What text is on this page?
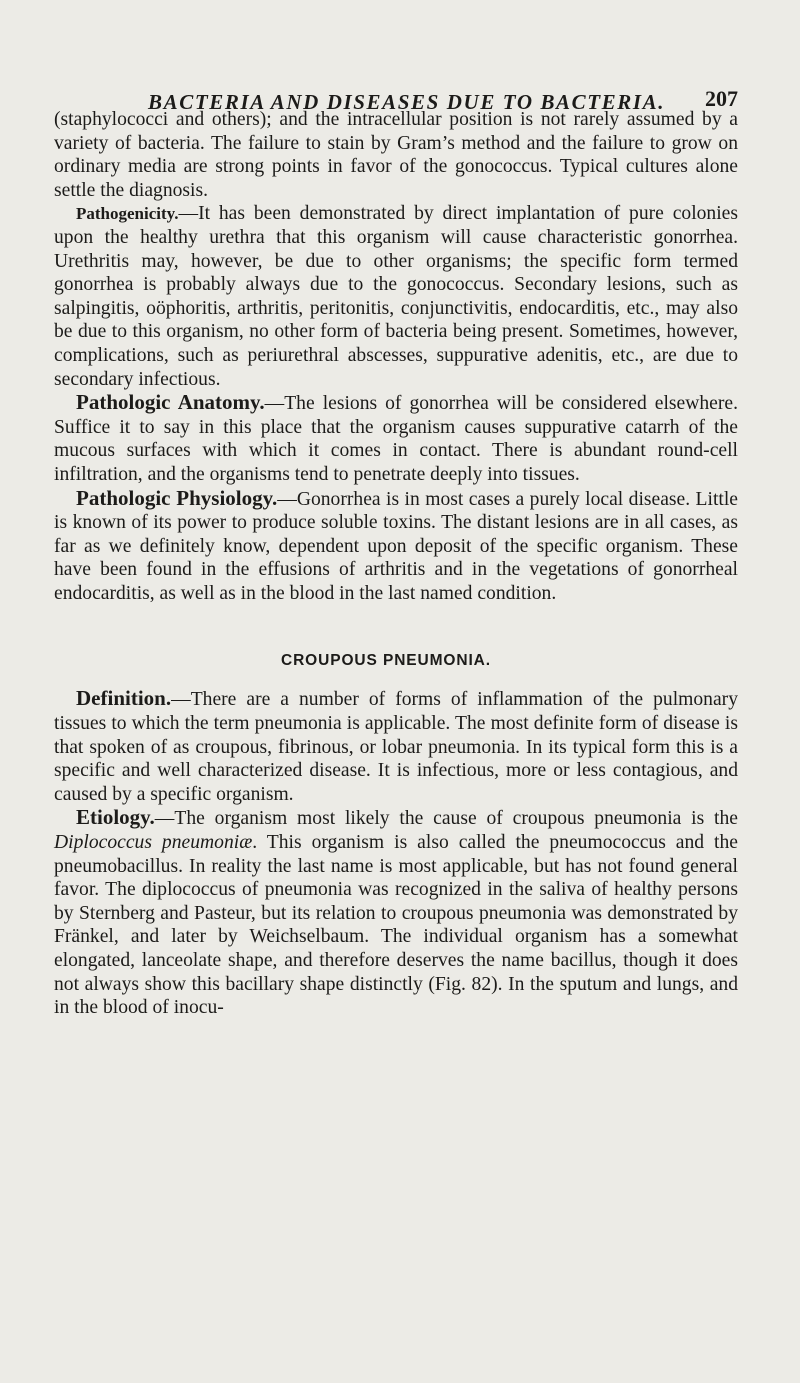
BACTERIA AND DISEASES DUE TO BACTERIA. 207

(staphylococci and others); and the intracellular position is not rarely assumed by a variety of bacteria. The failure to stain by Gram’s method and the failure to grow on ordinary media are strong points in favor of the gonococcus. Typical cultures alone settle the diagnosis.

Pathogenicity.—It has been demonstrated by direct implantation of pure colonies upon the healthy urethra that this organism will cause characteristic gonorrhea. Urethritis may, however, be due to other organisms; the specific form termed gonorrhea is probably always due to the gonococcus. Secondary lesions, such as salpingitis, oöphoritis, arthritis, peritonitis, conjunctivitis, endocarditis, etc., may also be due to this organism, no other form of bacteria being present. Sometimes, however, complications, such as periurethral abscesses, suppurative adenitis, etc., are due to secondary infectious.

Pathologic Anatomy.—The lesions of gonorrhea will be considered elsewhere. Suffice it to say in this place that the organism causes suppurative catarrh of the mucous surfaces with which it comes in contact. There is abundant round-cell infiltration, and the organisms tend to penetrate deeply into tissues.

Pathologic Physiology.—Gonorrhea is in most cases a purely local disease. Little is known of its power to produce soluble toxins. The distant lesions are in all cases, as far as we definitely know, dependent upon deposit of the specific organism. These have been found in the effusions of arthritis and in the vegetations of gonorrheal endocarditis, as well as in the blood in the last named condition.

CROUPOUS PNEUMONIA.

Definition.—There are a number of forms of inflammation of the pulmonary tissues to which the term pneumonia is applicable. The most definite form of disease is that spoken of as croupous, fibrinous, or lobar pneumonia. In its typical form this is a specific and well characterized disease. It is infectious, more or less contagious, and caused by a specific organism.

Etiology.—The organism most likely the cause of croupous pneumonia is the Diplococcus pneumoniæ. This organism is also called the pneumococcus and the pneumobacillus. In reality the last name is most applicable, but has not found general favor. The diplococcus of pneumonia was recognized in the saliva of healthy persons by Sternberg and Pasteur, but its relation to croupous pneumonia was demonstrated by Fränkel, and later by Weichselbaum. The individual organism has a somewhat elongated, lanceolate shape, and therefore deserves the name bacillus, though it does not always show this bacillary shape distinctly (Fig. 82). In the sputum and lungs, and in the blood of inocu-
